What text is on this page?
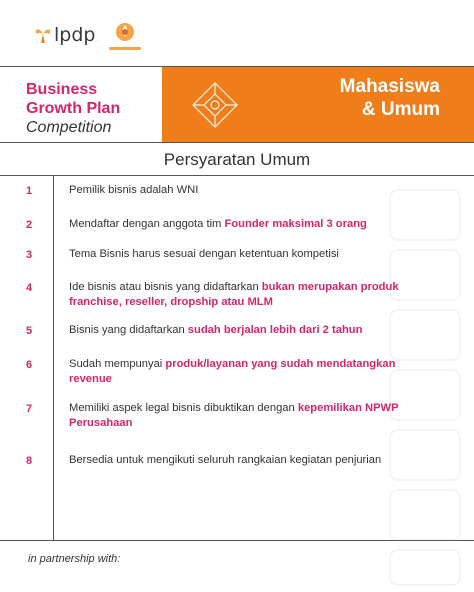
lpdp
Business
Growth Plan
Competition
Mahasiswa
& Umum
Persyaratan Umum
1	Pemilik bisnis adalah WNI
2	Mendaftar dengan anggota tim Founder maksimal 3 orang
3	Tema Bisnis harus sesuai dengan ketentuan kompetisi
4	Ide bisnis atau bisnis yang didaftarkan bukan merupakan produk franchise, reseller, dropship atau MLM
5	Bisnis yang didaftarkan sudah berjalan lebih dari 2 tahun
6	Sudah mempunyai produk/layanan yang sudah mendatangkan revenue
7	Memiliki aspek legal bisnis dibuktikan dengan kepemilikan NPWP Perusahaan
8	Bersedia untuk mengikuti seluruh rangkaian kegiatan penjurian
in partnership with:
